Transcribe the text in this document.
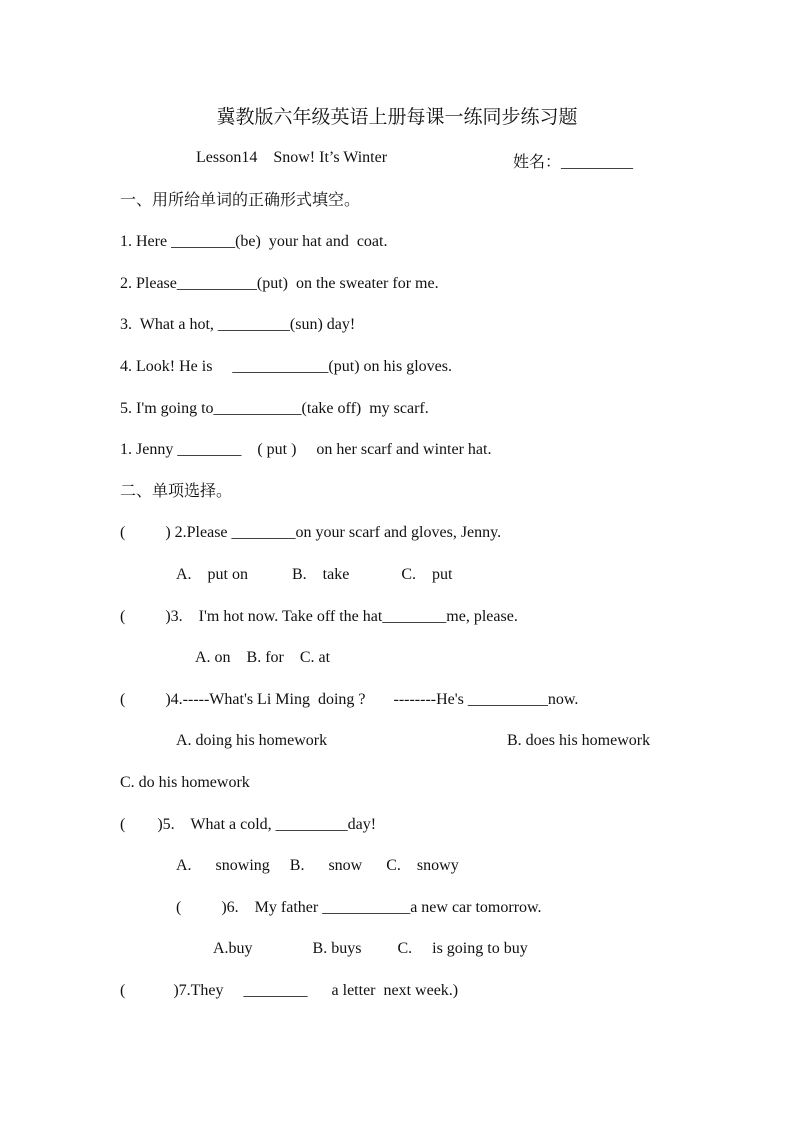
冀教版六年级英语上册每课一练同步练习题
Lesson14    Snow! It’s Winter	姓名：_________
一、用所给单词的正确形式填空。
1. Here ________(be)  your hat and  coat.
2. Please__________(put)  on the sweater for me.
3.  What a hot, _________(sun) day!
4. Look! He is     ____________(put) on his gloves.
5. I'm going to___________(take off)  my scarf.
1. Jenny ________    ( put )     on her scarf and winter hat.
二、单项选择。
(          ) 2.Please ________on your scarf and gloves, Jenny.
A.    put on           B.    take             C.    put
(          )3.    I'm hot now. Take off the hat________me, please.
A. on    B. for    C. at
(          )4.-----What's Li Ming  doing ?       --------He's __________now.
A. doing his homework	B. does his homework
C. do his homework
(        )5.    What a cold, _________day!
A.      snowing     B.      snow      C.    snowy
(          )6.    My father ___________a new car tomorrow.
A.buy               B. buys         C.     is going to buy
(            )7.They     ________      a letter  next week.)
